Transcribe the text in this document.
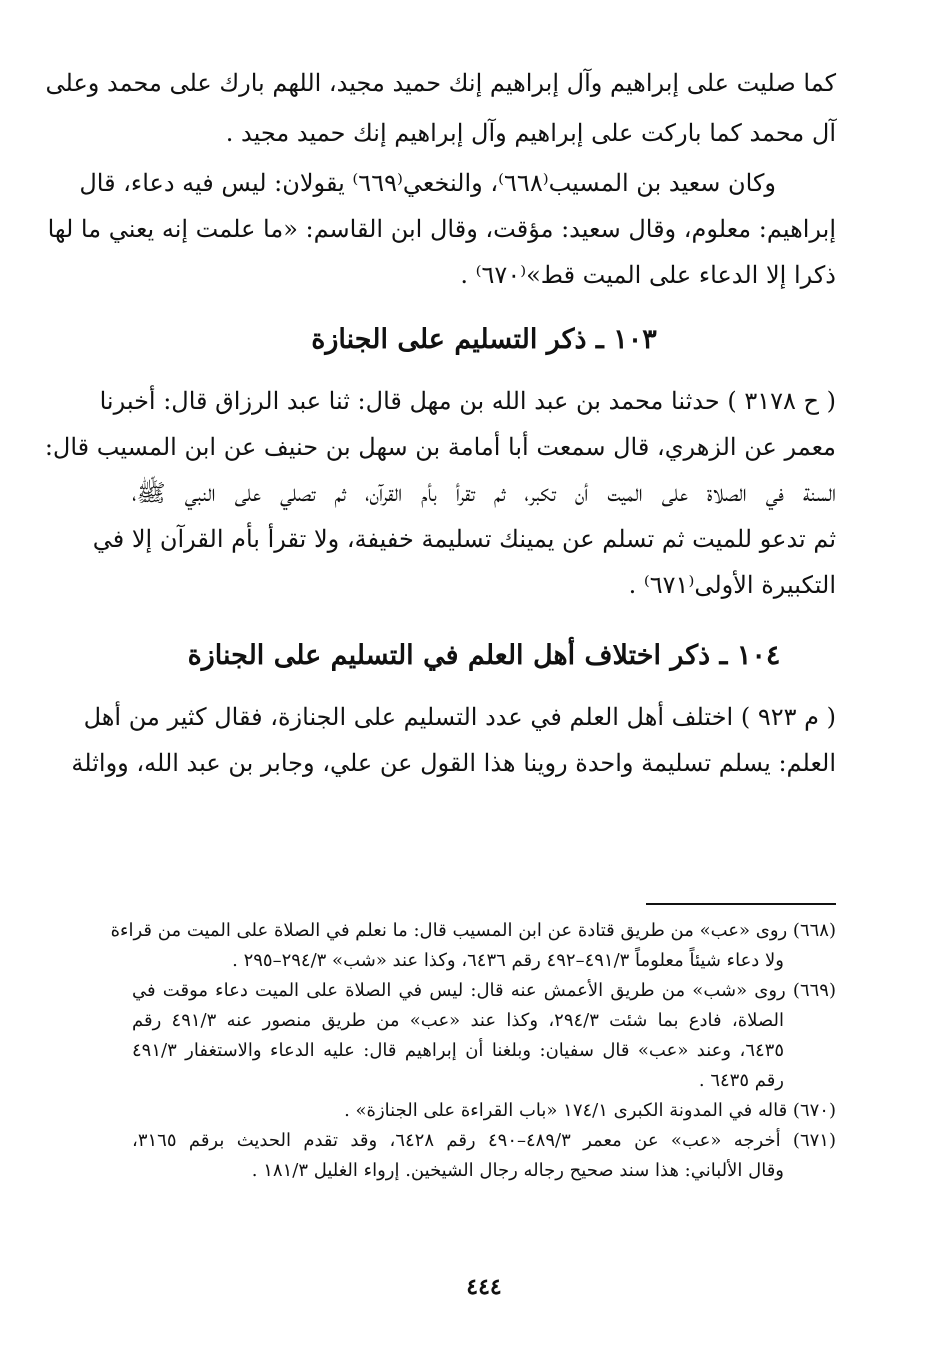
كما صليت على إبراهيم وآل إبراهيم إنك حميد مجيد، اللهم بارك على محمد وعلى
آل محمد كما باركت على إبراهيم وآل إبراهيم إنك حميد مجيد .
وكان سعيد بن المسيب⁽٦٦٨⁾، والنخعي⁽٦٦٩⁾ يقولان: ليس فيه دعاء، قال
إبراهيم: معلوم، وقال سعيد: مؤقت، وقال ابن القاسم: «ما علمت إنه يعني ما لها
ذكرا إلا الدعاء على الميت قط»⁽٦٧٠⁾ .
١٠٣ ـ ذكر التسليم على الجنازة
( ح ٣١٧٨ ) حدثنا محمد بن عبد الله بن مهل قال: ثنا عبد الرزاق قال: أخبرنا
معمر عن الزهري، قال سمعت أبا أمامة بن سهل بن حنيف عن ابن المسيب قال:
السنة في الصلاة على الميت أن تكبر، ثم تقرأ بأم القرآن، ثم تصلي على النبي ﷺ،
ثم تدعو للميت ثم تسلم عن يمينك تسليمة خفيفة، ولا تقرأ بأم القرآن إلا في
التكبيرة الأولى⁽٦٧١⁾ .
١٠٤ ـ ذكر اختلاف أهل العلم في التسليم على الجنازة
( م ٩٢٣ ) اختلف أهل العلم في عدد التسليم على الجنازة، فقال كثير من أهل
العلم: يسلم تسليمة واحدة روينا هذا القول عن علي، وجابر بن عبد الله، وواثلة
(٦٦٨) روى «عب» من طريق قتادة عن ابن المسيب قال: ما نعلم في الصلاة على الميت من قراءة
ولا دعاء شيئاً معلوماً ٤٩١/٣–٤٩٢ رقم ٦٤٣٦، وكذا عند «شب» ٢٩٤/٣–٢٩٥ .
(٦٦٩) روى «شب» من طريق الأعمش عنه قال: ليس في الصلاة على الميت دعاء موقت في
الصلاة، فادع بما شئت ٢٩٤/٣، وكذا عند «عب» من طريق منصور عنه ٤٩١/٣ رقم
٦٤٣٥، وعند «عب» قال سفيان: وبلغنا أن إبراهيم قال: عليه الدعاء والاستغفار ٤٩١/٣
رقم ٦٤٣٥ .
(٦٧٠) قاله في المدونة الكبرى ١٧٤/١ «باب القراءة على الجنازة» .
(٦٧١) أخرجه «عب» عن معمر ٤٨٩/٣–٤٩٠ رقم ٦٤٢٨، وقد تقدم الحديث برقم ٣١٦٥،
وقال الألباني: هذا سند صحيح رجاله رجال الشيخين. إرواء الغليل ١٨١/٣ .
٤٤٤
